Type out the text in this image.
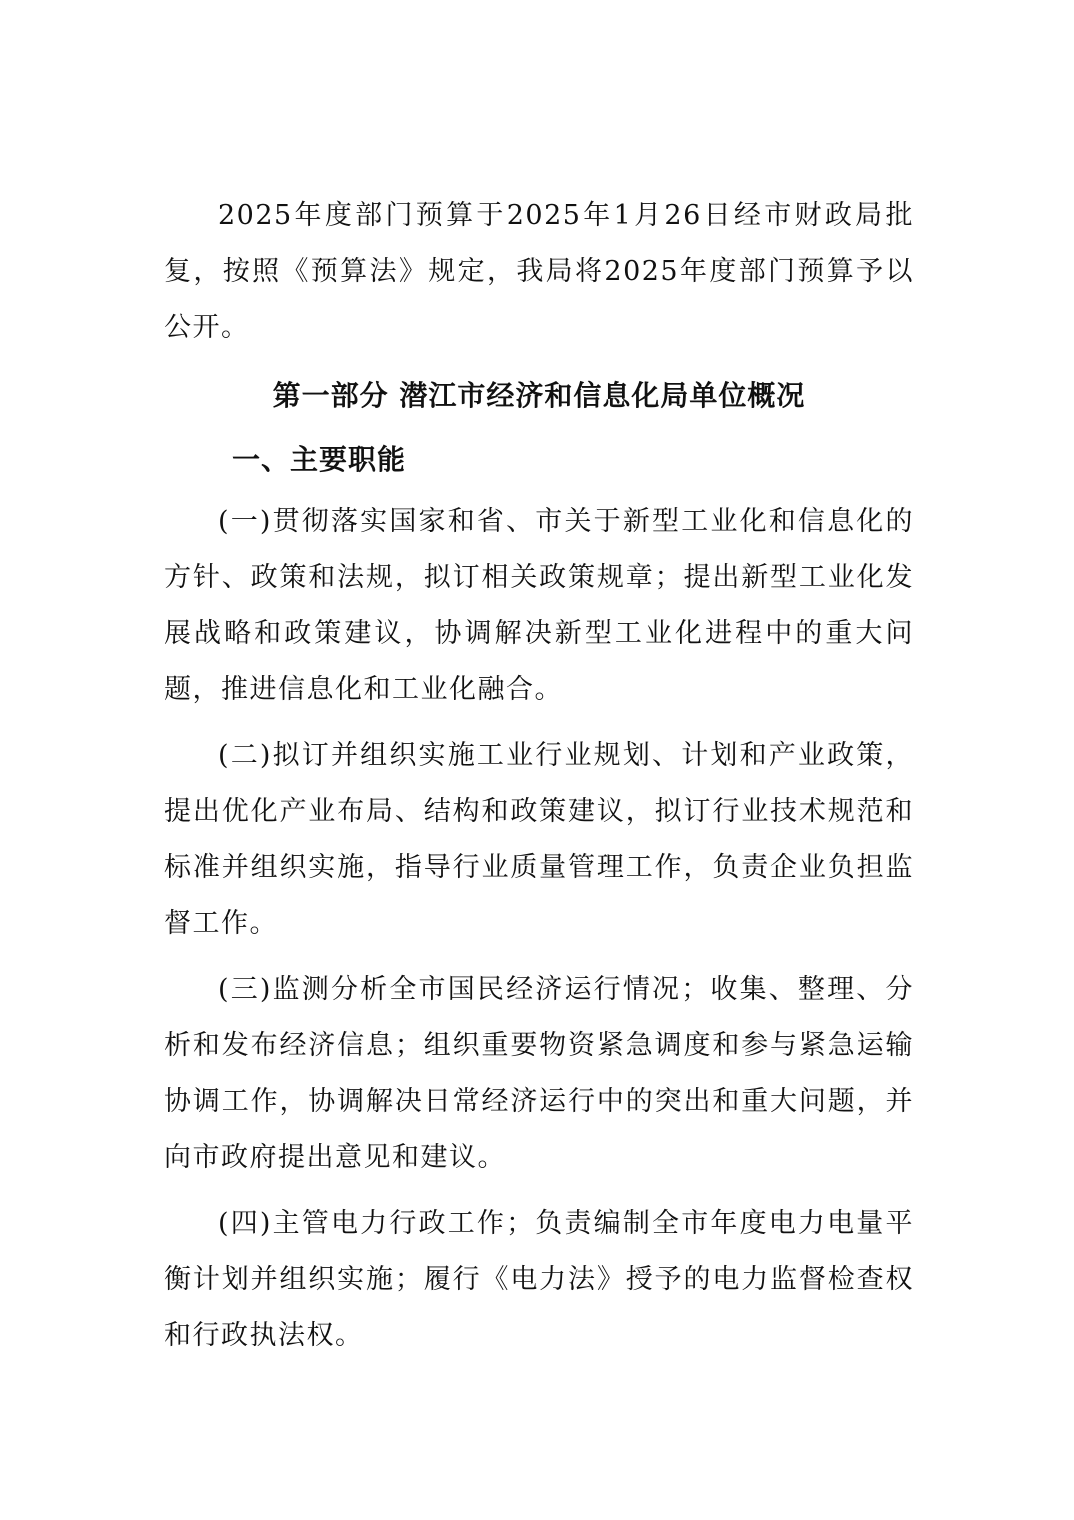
2025年度部门预算于2025年1月26日经市财政局批复，按照《预算法》规定，我局将2025年度部门预算予以公开。

第一部分 潜江市经济和信息化局单位概况
一、主要职能

(一)贯彻落实国家和省、市关于新型工业化和信息化的方针、政策和法规，拟订相关政策规章；提出新型工业化发展战略和政策建议，协调解决新型工业化进程中的重大问题，推进信息化和工业化融合。

(二)拟订并组织实施工业行业规划、计划和产业政策，提出优化产业布局、结构和政策建议，拟订行业技术规范和标准并组织实施，指导行业质量管理工作，负责企业负担监督工作。

(三)监测分析全市国民经济运行情况；收集、整理、分析和发布经济信息；组织重要物资紧急调度和参与紧急运输协调工作，协调解决日常经济运行中的突出和重大问题，并向市政府提出意见和建议。

(四)主管电力行政工作；负责编制全市年度电力电量平衡计划并组织实施；履行《电力法》授予的电力监督检查权和行政执法权。
